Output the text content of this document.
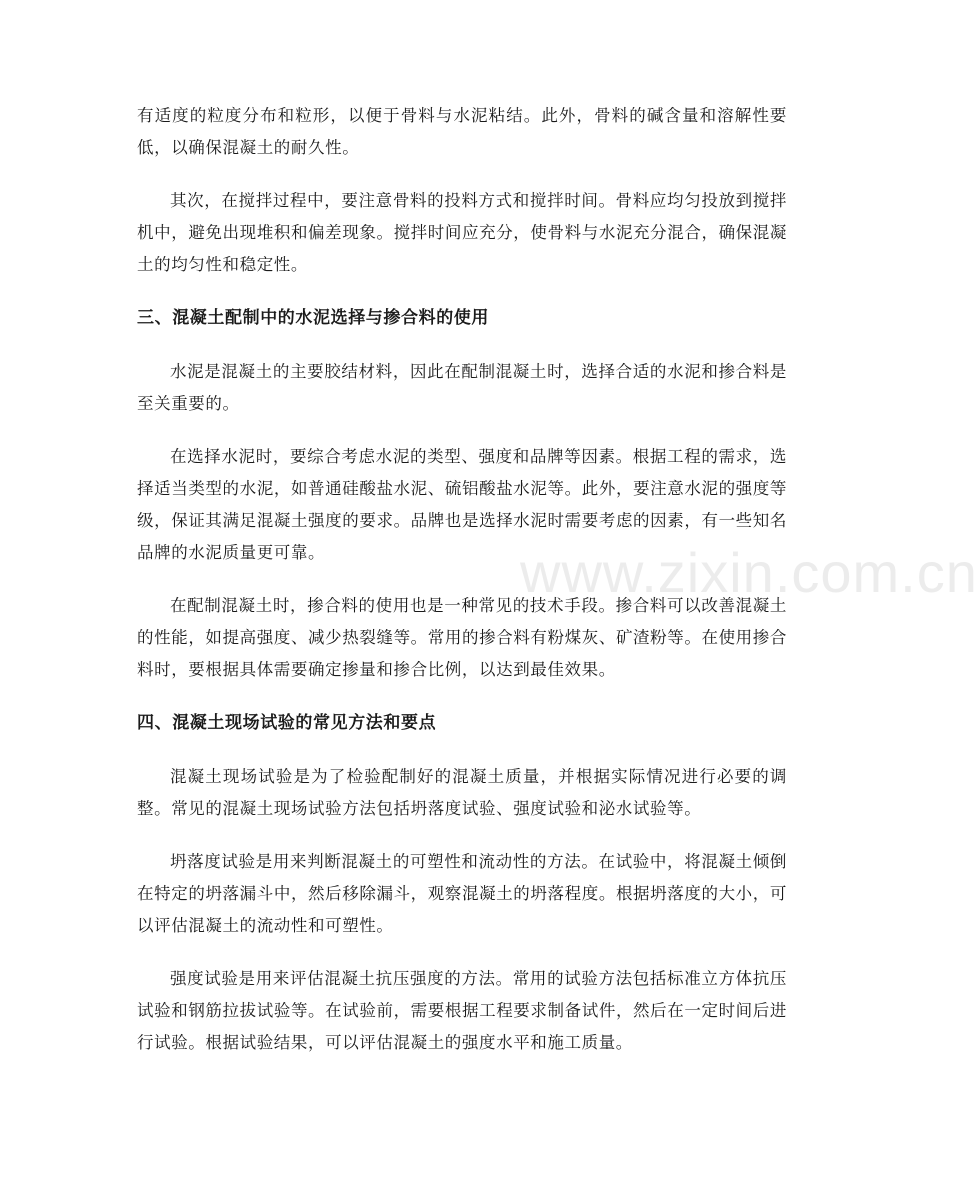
有适度的粒度分布和粒形，以便于骨料与水泥粘结。此外，骨料的碱含量和溶解性要低，以确保混凝土的耐久性。

其次，在搅拌过程中，要注意骨料的投料方式和搅拌时间。骨料应均匀投放到搅拌机中，避免出现堆积和偏差现象。搅拌时间应充分，使骨料与水泥充分混合，确保混凝土的均匀性和稳定性。

三、混凝土配制中的水泥选择与掺合料的使用

水泥是混凝土的主要胶结材料，因此在配制混凝土时，选择合适的水泥和掺合料是至关重要的。

在选择水泥时，要综合考虑水泥的类型、强度和品牌等因素。根据工程的需求，选择适当类型的水泥，如普通硅酸盐水泥、硫铝酸盐水泥等。此外，要注意水泥的强度等级，保证其满足混凝土强度的要求。品牌也是选择水泥时需要考虑的因素，有一些知名品牌的水泥质量更可靠。

在配制混凝土时，掺合料的使用也是一种常见的技术手段。掺合料可以改善混凝土的性能，如提高强度、减少热裂缝等。常用的掺合料有粉煤灰、矿渣粉等。在使用掺合料时，要根据具体需要确定掺量和掺合比例，以达到最佳效果。

四、混凝土现场试验的常见方法和要点

混凝土现场试验是为了检验配制好的混凝土质量，并根据实际情况进行必要的调整。常见的混凝土现场试验方法包括坍落度试验、强度试验和泌水试验等。

坍落度试验是用来判断混凝土的可塑性和流动性的方法。在试验中，将混凝土倾倒在特定的坍落漏斗中，然后移除漏斗，观察混凝土的坍落程度。根据坍落度的大小，可以评估混凝土的流动性和可塑性。

强度试验是用来评估混凝土抗压强度的方法。常用的试验方法包括标准立方体抗压试验和钢筋拉拔试验等。在试验前，需要根据工程要求制备试件，然后在一定时间后进行试验。根据试验结果，可以评估混凝土的强度水平和施工质量。

www.zixin.com.cn
